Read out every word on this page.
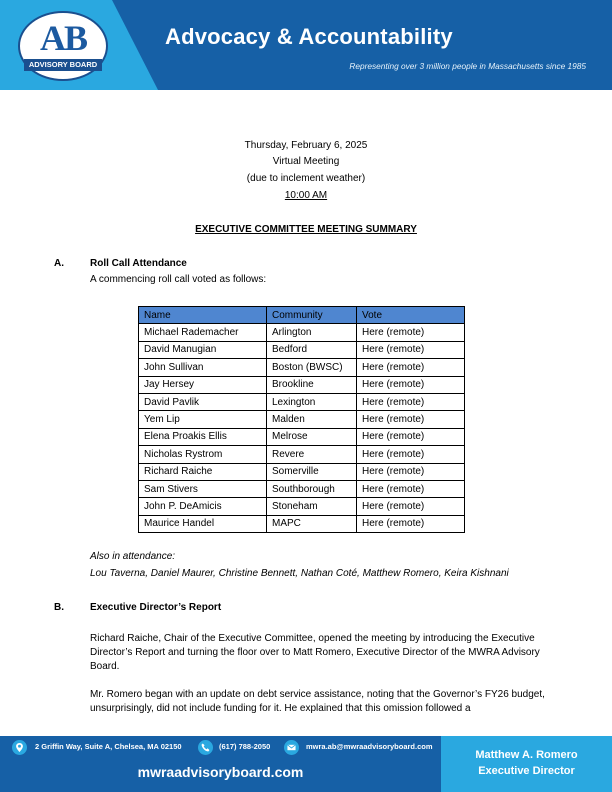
AB
ADVISORY BOARD
Advocacy & Accountability
Representing over 3 million people in Massachusetts since 1985
Thursday, February 6, 2025
Virtual Meeting
(due to inclement weather)
10:00 AM
EXECUTIVE COMMITTEE MEETING SUMMARY
A.	Roll Call Attendance
A commencing roll call voted as follows:
Name	Community	Vote
Michael Rademacher	Arlington	Here (remote)
David Manugian	Bedford	Here (remote)
John Sullivan	Boston (BWSC)	Here (remote)
Jay Hersey	Brookline	Here (remote)
David Pavlik	Lexington	Here (remote)
Yem Lip	Malden	Here (remote)
Elena Proakis Ellis	Melrose	Here (remote)
Nicholas Rystrom	Revere	Here (remote)
Richard Raiche	Somerville	Here (remote)
Sam Stivers	Southborough	Here (remote)
John P. DeAmicis	Stoneham	Here (remote)
Maurice Handel	MAPC	Here (remote)
Also in attendance:
Lou Taverna, Daniel Maurer, Christine Bennett, Nathan Coté, Matthew Romero, Keira Kishnani
B.	Executive Director’s Report
Richard Raiche, Chair of the Executive Committee, opened the meeting by introducing the Executive Director’s Report and turning the floor over to Matt Romero, Executive Director of the MWRA Advisory Board.
Mr. Romero began with an update on debt service assistance, noting that the Governor’s FY26 budget, unsurprisingly, did not include funding for it. He explained that this omission followed a
2 Griffin Way, Suite A, Chelsea, MA 02150	(617) 788-2050	mwra.ab@mwraadvisoryboard.com
mwraadvisoryboard.com
Matthew A. Romero
Executive Director
